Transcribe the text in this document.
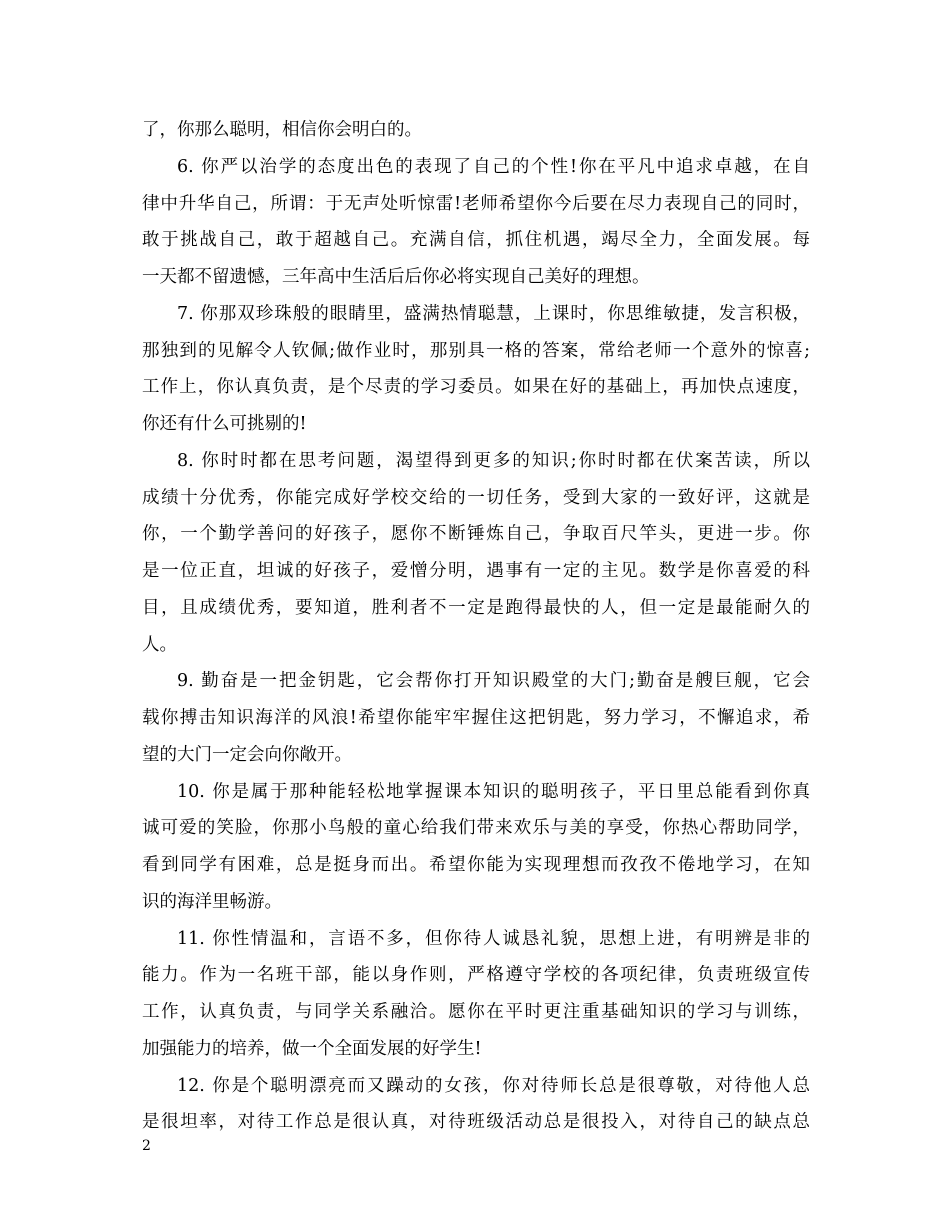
了，你那么聪明，相信你会明白的。
6. 你严以治学的态度出色的表现了自己的个性!你在平凡中追求卓越，在自
律中升华自己，所谓：于无声处听惊雷!老师希望你今后要在尽力表现自己的同时，
敢于挑战自己，敢于超越自己。充满自信，抓住机遇，竭尽全力，全面发展。每
一天都不留遗憾，三年高中生活后后你必将实现自己美好的理想。
7. 你那双珍珠般的眼睛里，盛满热情聪慧，上课时，你思维敏捷，发言积极，
那独到的见解令人钦佩;做作业时，那别具一格的答案，常给老师一个意外的惊喜;
工作上，你认真负责，是个尽责的学习委员。如果在好的基础上，再加快点速度，
你还有什么可挑剔的!
8. 你时时都在思考问题，渴望得到更多的知识;你时时都在伏案苦读，所以
成绩十分优秀，你能完成好学校交给的一切任务，受到大家的一致好评，这就是
你，一个勤学善问的好孩子，愿你不断锤炼自己，争取百尺竿头，更进一步。你
是一位正直，坦诚的好孩子，爱憎分明，遇事有一定的主见。数学是你喜爱的科
目，且成绩优秀，要知道，胜利者不一定是跑得最快的人，但一定是最能耐久的
人。
9. 勤奋是一把金钥匙，它会帮你打开知识殿堂的大门;勤奋是艘巨舰，它会
载你搏击知识海洋的风浪!希望你能牢牢握住这把钥匙，努力学习，不懈追求，希
望的大门一定会向你敞开。
10. 你是属于那种能轻松地掌握课本知识的聪明孩子，平日里总能看到你真
诚可爱的笑脸，你那小鸟般的童心给我们带来欢乐与美的享受，你热心帮助同学，
看到同学有困难，总是挺身而出。希望你能为实现理想而孜孜不倦地学习，在知
识的海洋里畅游。
11. 你性情温和，言语不多，但你待人诚恳礼貌，思想上进，有明辨是非的
能力。作为一名班干部，能以身作则，严格遵守学校的各项纪律，负责班级宣传
工作，认真负责，与同学关系融洽。愿你在平时更注重基础知识的学习与训练，
加强能力的培养，做一个全面发展的好学生!
12. 你是个聪明漂亮而又躁动的女孩，你对待师长总是很尊敬，对待他人总
是很坦率，对待工作总是很认真，对待班级活动总是很投入，对待自己的缺点总
2
